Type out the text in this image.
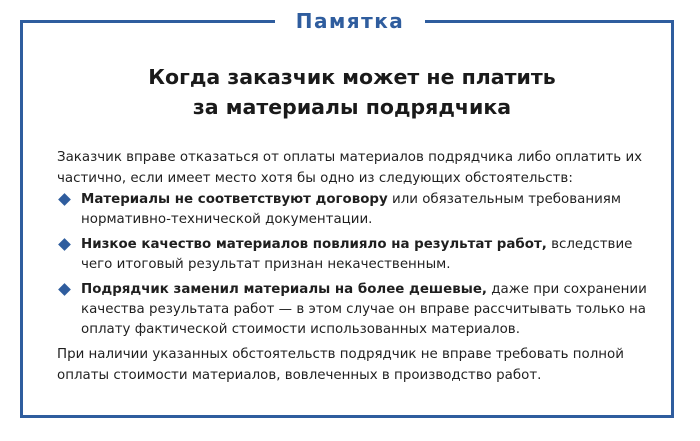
Памятка
Когда заказчик может не платить
за материалы подрядчика

Заказчик вправе отказаться от оплаты материалов подрядчика либо оплатить их частично, если имеет место хотя бы одно из следующих обстоятельств:

Материалы не соответствуют договору или обязательным требованиям нормативно-технической документации.
Низкое качество материалов повлияло на результат работ, вследствие чего итоговый результат признан некачественным.
Подрядчик заменил материалы на более дешевые, даже при сохранении качества результата работ — в этом случае он вправе рассчитывать только на оплату фактической стоимости использованных материалов.

При наличии указанных обстоятельств подрядчик не вправе требовать полной оплаты стоимости материалов, вовлеченных в производство работ.
